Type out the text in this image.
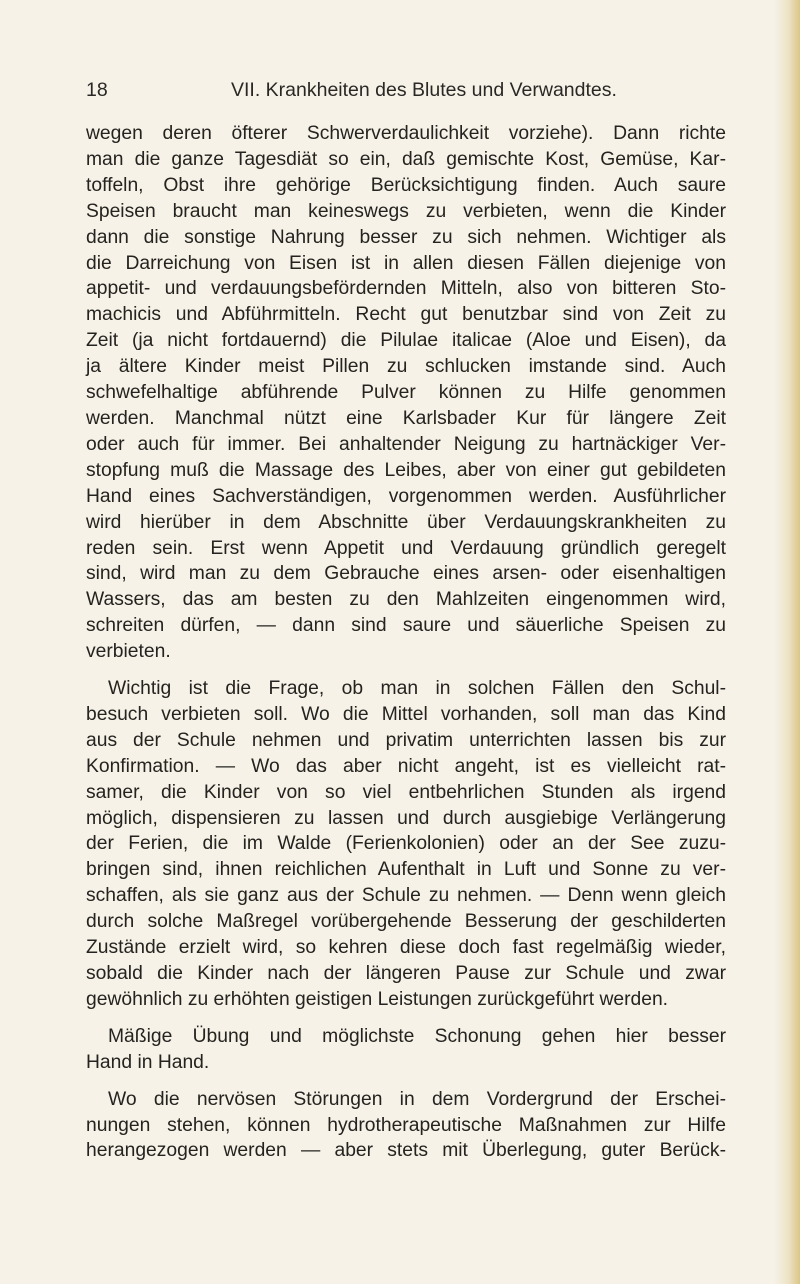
18	VII. Krankheiten des Blutes und Verwandtes.
wegen deren öfterer Schwerverdaulichkeit vorziehe). Dann richte
man die ganze Tagesdiät so ein, daß gemischte Kost, Gemüse, Kar-
toffeln, Obst ihre gehörige Berücksichtigung finden. Auch saure
Speisen braucht man keineswegs zu verbieten, wenn die Kinder
dann die sonstige Nahrung besser zu sich nehmen. Wichtiger als
die Darreichung von Eisen ist in allen diesen Fällen diejenige von
appetit- und verdauungsbefördernden Mitteln, also von bitteren Sto-
machicis und Abführmitteln. Recht gut benutzbar sind von Zeit zu
Zeit (ja nicht fortdauernd) die Pilulae italicae (Aloe und Eisen), da
ja ältere Kinder meist Pillen zu schlucken imstande sind. Auch
schwefelhaltige abführende Pulver können zu Hilfe genommen
werden. Manchmal nützt eine Karlsbader Kur für längere Zeit
oder auch für immer. Bei anhaltender Neigung zu hartnäckiger Ver-
stopfung muß die Massage des Leibes, aber von einer gut gebildeten
Hand eines Sachverständigen, vorgenommen werden. Ausführlicher
wird hierüber in dem Abschnitte über Verdauungskrankheiten zu
reden sein. Erst wenn Appetit und Verdauung gründlich geregelt
sind, wird man zu dem Gebrauche eines arsen- oder eisenhaltigen
Wassers, das am besten zu den Mahlzeiten eingenommen wird,
schreiten dürfen, — dann sind saure und säuerliche Speisen zu
verbieten.
Wichtig ist die Frage, ob man in solchen Fällen den Schul-
besuch verbieten soll. Wo die Mittel vorhanden, soll man das Kind
aus der Schule nehmen und privatim unterrichten lassen bis zur
Konfirmation. — Wo das aber nicht angeht, ist es vielleicht rat-
samer, die Kinder von so viel entbehrlichen Stunden als irgend
möglich, dispensieren zu lassen und durch ausgiebige Verlängerung
der Ferien, die im Walde (Ferienkolonien) oder an der See zuzu-
bringen sind, ihnen reichlichen Aufenthalt in Luft und Sonne zu ver-
schaffen, als sie ganz aus der Schule zu nehmen. — Denn wenn gleich
durch solche Maßregel vorübergehende Besserung der geschilderten
Zustände erzielt wird, so kehren diese doch fast regelmäßig wieder,
sobald die Kinder nach der längeren Pause zur Schule und zwar
gewöhnlich zu erhöhten geistigen Leistungen zurückgeführt werden.
Mäßige Übung und möglichste Schonung gehen hier besser
Hand in Hand.
Wo die nervösen Störungen in dem Vordergrund der Erschei-
nungen stehen, können hydrotherapeutische Maßnahmen zur Hilfe
herangezogen werden — aber stets mit Überlegung, guter Berück-
